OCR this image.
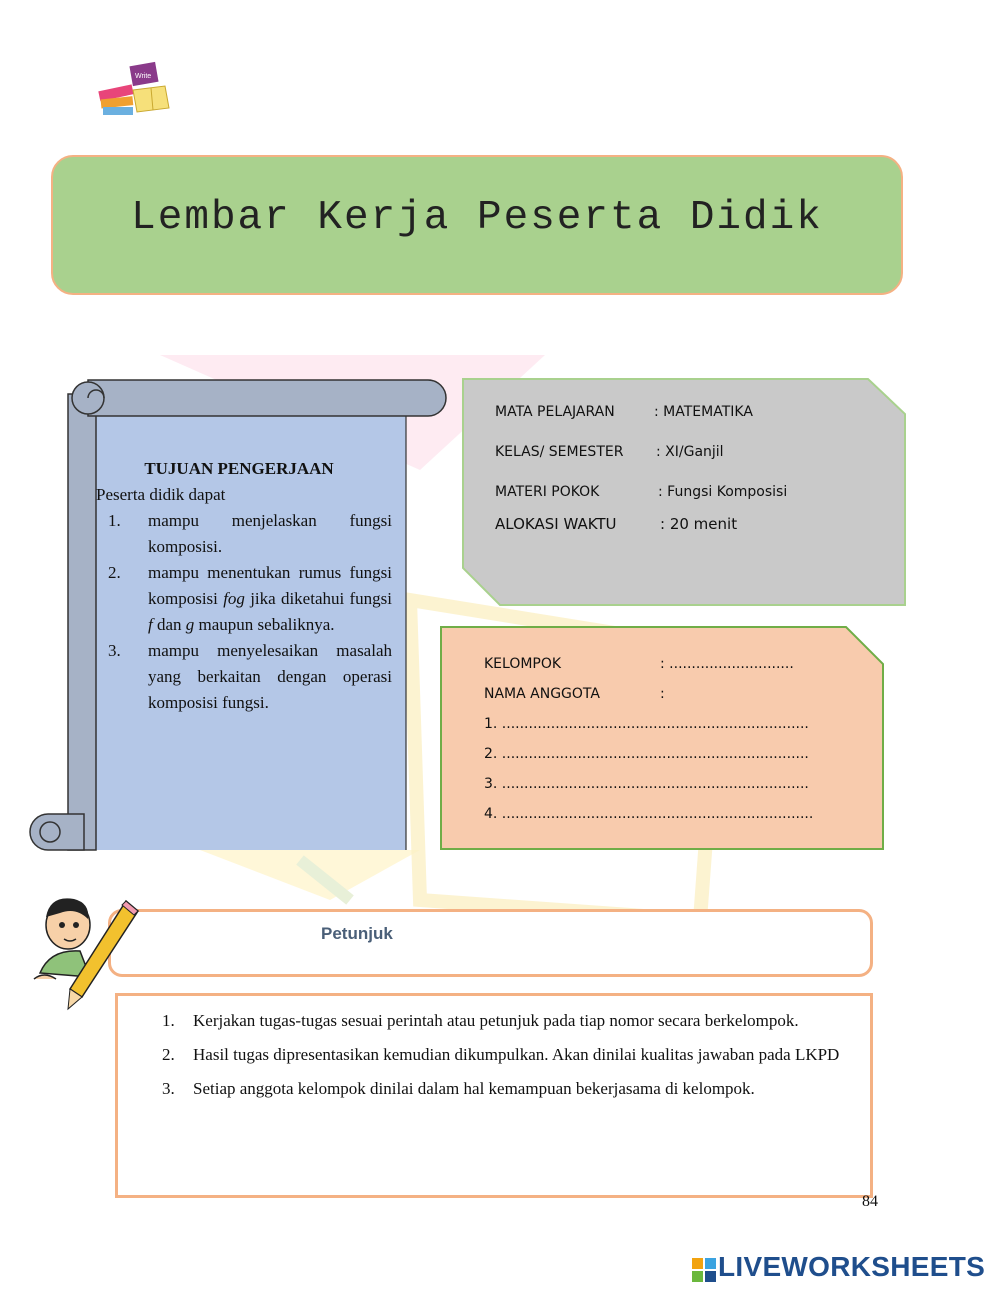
Write
Lembar Kerja Peserta Didik
TUJUAN PENGERJAAN
Peserta didik dapat
1. mampu menjelaskan fungsi komposisi.
2. mampu menentukan rumus fungsi komposisi fog jika diketahui fungsi f dan g maupun sebaliknya.
3. mampu menyelesaikan masalah yang berkaitan dengan operasi komposisi fungsi.
MATA PELAJARAN	: MATEMATIKA
KELAS/ SEMESTER : XI/Ganjil
MATERI POKOK	: Fungsi Komposisi
ALOKASI WAKTU	: 20 menit
KELOMPOK	: ............................
NAMA ANGGOTA	:
1. .....................................................................
2. .....................................................................
3. .....................................................................
4. ......................................................................
Petunjuk
1. Kerjakan tugas-tugas sesuai perintah atau petunjuk pada tiap nomor secara berkelompok.
2. Hasil tugas dipresentasikan kemudian dikumpulkan. Akan dinilai kualitas jawaban pada LKPD
3. Setiap anggota kelompok dinilai dalam hal kemampuan bekerjasama di kelompok.
84
LIVEWORKSHEETS
